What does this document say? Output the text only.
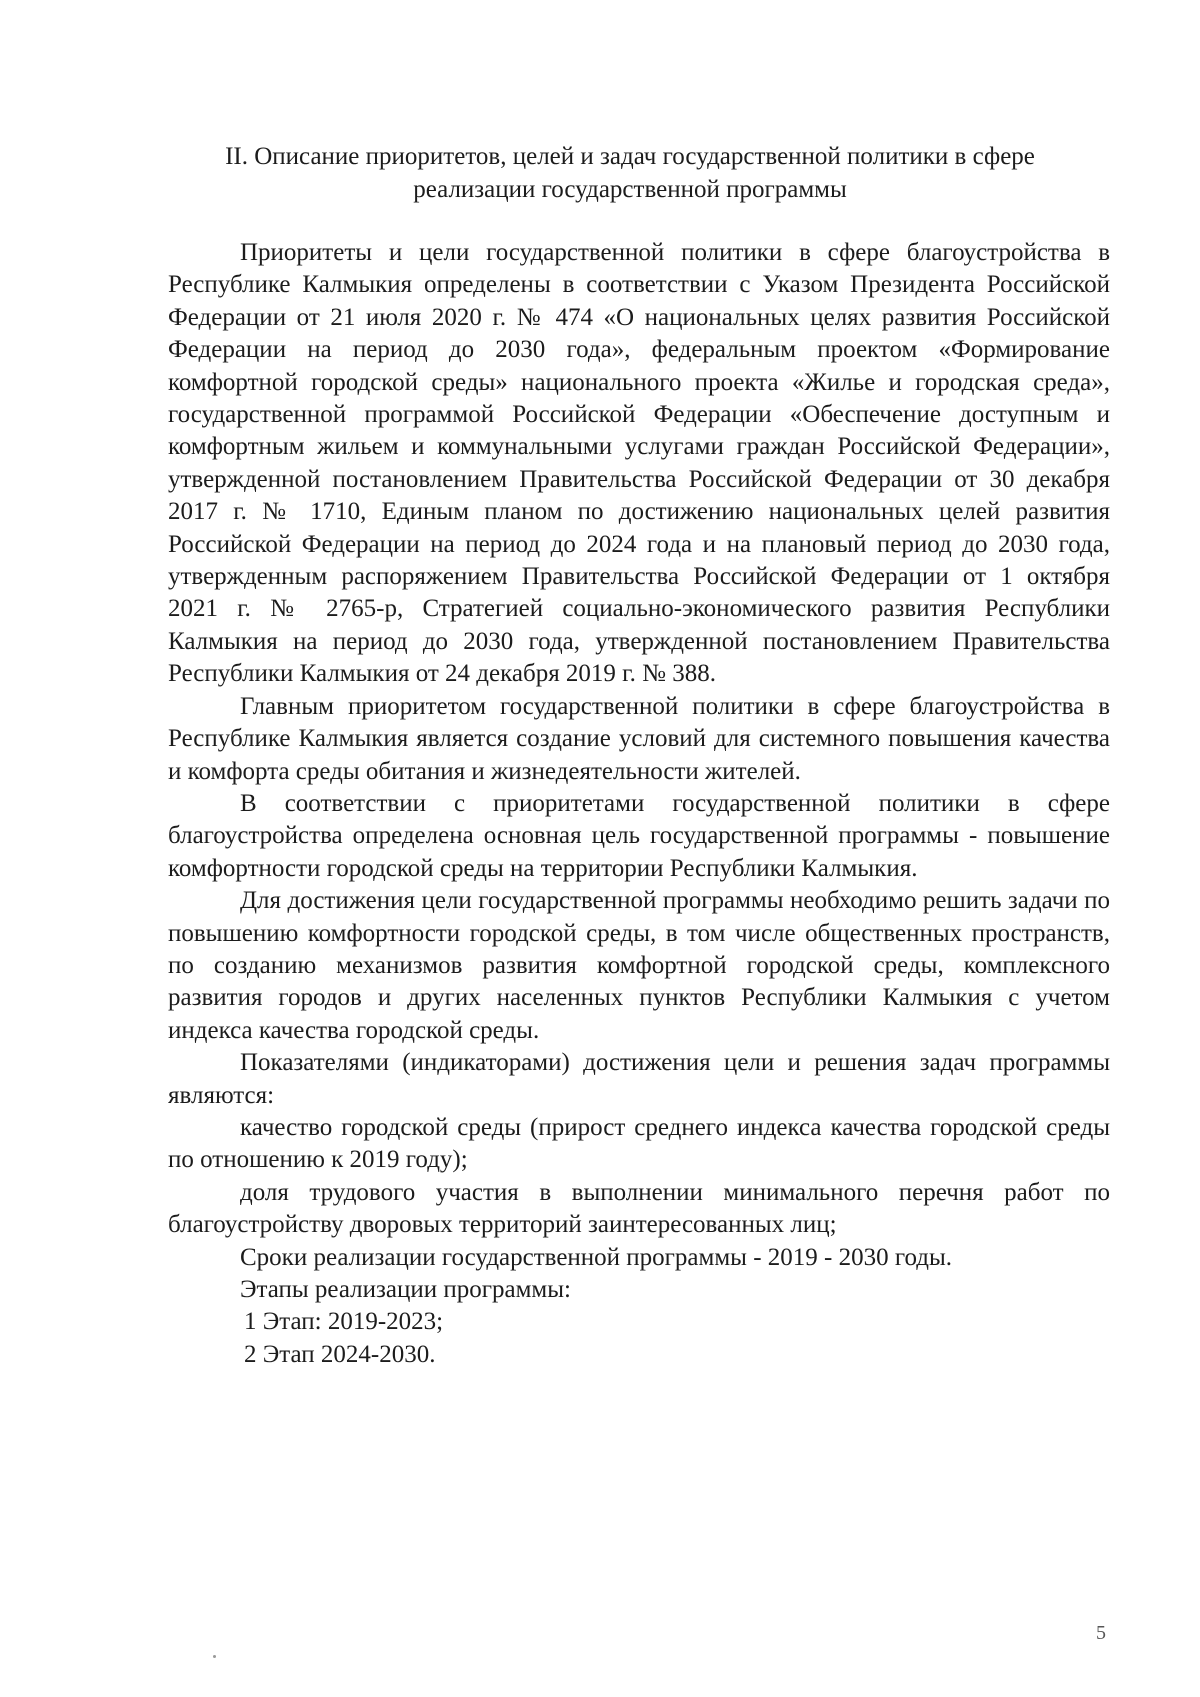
II. Описание приоритетов, целей и задач государственной политики в сфере
реализации государственной программы

Приоритеты и цели государственной политики в сфере благоустройства в Республике Калмыкия определены в соответствии с Указом Президента Российской Федерации от 21 июля 2020 г. № 474 «О национальных целях развития Российской Федерации на период до 2030 года», федеральным проектом «Формирование комфортной городской среды» национального проекта «Жилье и городская среда», государственной программой Российской Федерации «Обеспечение доступным и комфортным жильем и коммунальными услугами граждан Российской Федерации», утвержденной постановлением Правительства Российской Федерации от 30 декабря 2017 г. № 1710, Единым планом по достижению национальных целей развития Российской Федерации на период до 2024 года и на плановый период до 2030 года, утвержденным распоряжением Правительства Российской Федерации от 1 октября 2021 г. № 2765-р, Стратегией социально-экономического развития Республики Калмыкия на период до 2030 года, утвержденной постановлением Правительства Республики Калмыкия от 24 декабря 2019 г. № 388.

Главным приоритетом государственной политики в сфере благоустройства в Республике Калмыкия является создание условий для системного повышения качества и комфорта среды обитания и жизнедеятельности жителей.

В соответствии с приоритетами государственной политики в сфере благоустройства определена основная цель государственной программы - повышение комфортности городской среды на территории Республики Калмыкия.

Для достижения цели государственной программы необходимо решить задачи по повышению комфортности городской среды, в том числе общественных пространств, по созданию механизмов развития комфортной городской среды, комплексного развития городов и других населенных пунктов Республики Калмыкия с учетом индекса качества городской среды.

Показателями (индикаторами) достижения цели и решения задач программы являются:

качество городской среды (прирост среднего индекса качества городской среды по отношению к 2019 году);

доля трудового участия в выполнении минимального перечня работ по благоустройству дворовых территорий заинтересованных лиц;

Сроки реализации государственной программы - 2019 - 2030 годы.

Этапы реализации программы:

1 Этап: 2019-2023;

2 Этап 2024-2030.

5
